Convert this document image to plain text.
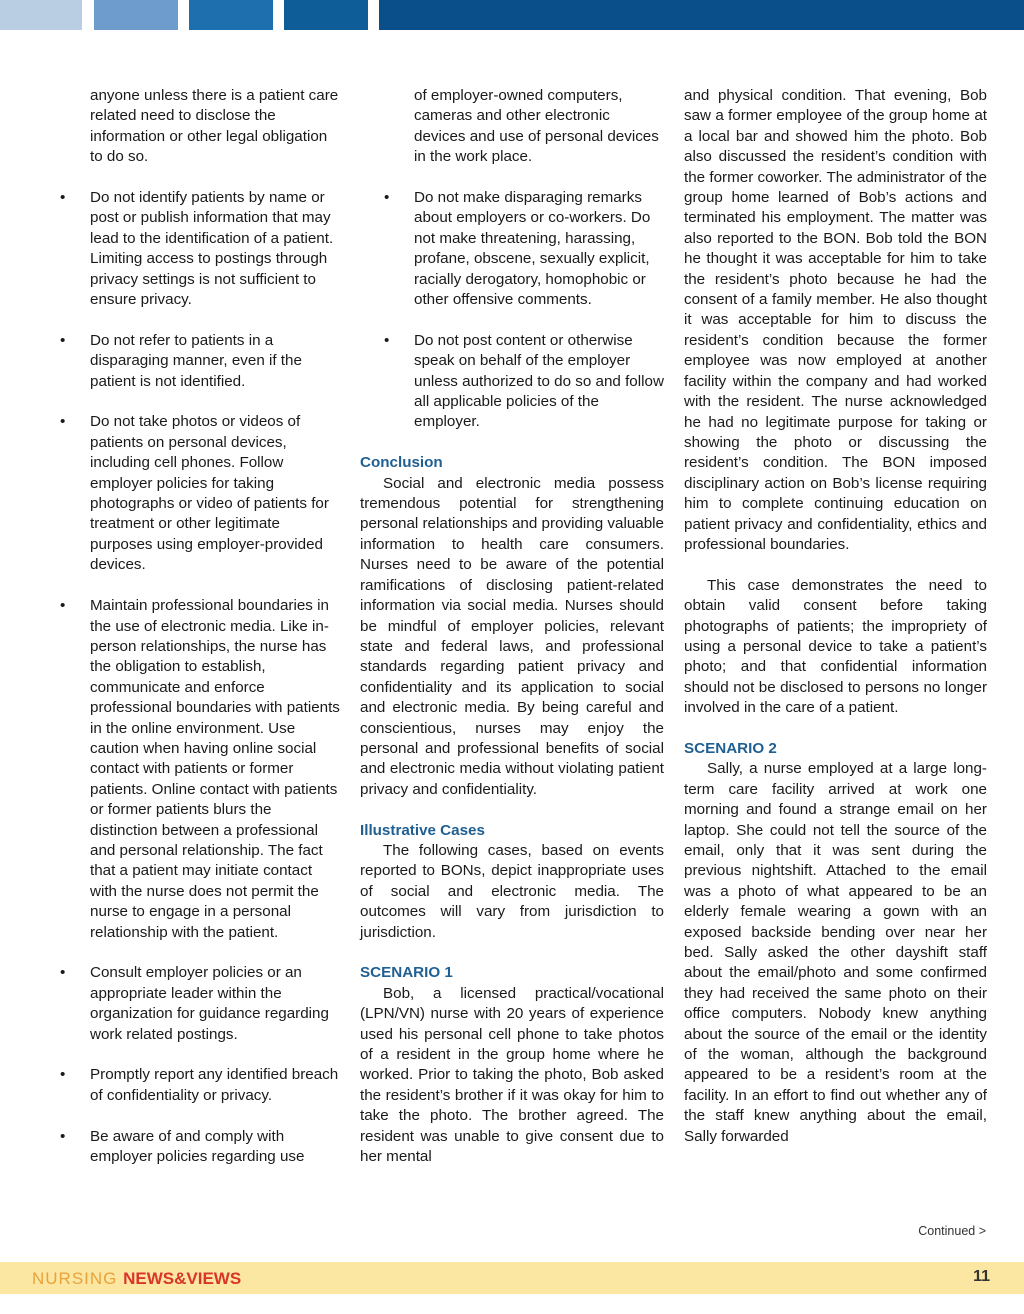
anyone unless there is a patient care related need to disclose the information or other legal obligation to do so.
• Do not identify patients by name or post or publish information that may lead to the identification of a patient. Limiting access to postings through privacy settings is not sufficient to ensure privacy.
• Do not refer to patients in a disparaging manner, even if the patient is not identified.
• Do not take photos or videos of patients on personal devices, including cell phones. Follow employer policies for taking photographs or video of patients for treatment or other legitimate purposes using employer-provided devices.
• Maintain professional boundaries in the use of electronic media. Like in-person relationships, the nurse has the obligation to establish, communicate and enforce professional boundaries with patients in the online environment. Use caution when having online social contact with patients or former patients. Online contact with patients or former patients blurs the distinction between a professional and personal relationship. The fact that a patient may initiate contact with the nurse does not permit the nurse to engage in a personal relationship with the patient.
• Consult employer policies or an appropriate leader within the organization for guidance regarding work related postings.
• Promptly report any identified breach of confidentiality or privacy.
• Be aware of and comply with employer policies regarding use
of employer-owned computers, cameras and other electronic devices and use of personal devices in the work place.
• Do not make disparaging remarks about employers or co-workers. Do not make threatening, harassing, profane, obscene, sexually explicit, racially derogatory, homophobic or other offensive comments.
• Do not post content or otherwise speak on behalf of the employer unless authorized to do so and follow all applicable policies of the employer.
Conclusion
Social and electronic media possess tremendous potential for strengthening personal relationships and providing valuable information to health care consumers. Nurses need to be aware of the potential ramifications of disclosing patient-related information via social media. Nurses should be mindful of employer policies, relevant state and federal laws, and professional standards regarding patient privacy and confidentiality and its application to social and electronic media. By being careful and conscientious, nurses may enjoy the personal and professional benefits of social and electronic media without violating patient privacy and confidentiality.
Illustrative Cases
The following cases, based on events reported to BONs, depict inappropriate uses of social and electronic media. The outcomes will vary from jurisdiction to jurisdiction.
SCENARIO 1
Bob, a licensed practical/vocational (LPN/VN) nurse with 20 years of experience used his personal cell phone to take photos of a resident in the group home where he worked. Prior to taking the photo, Bob asked the resident’s brother if it was okay for him to take the photo. The brother agreed. The resident was unable to give consent due to her mental
and physical condition. That evening, Bob saw a former employee of the group home at a local bar and showed him the photo. Bob also discussed the resident’s condition with the former coworker. The administrator of the group home learned of Bob’s actions and terminated his employment. The matter was also reported to the BON. Bob told the BON he thought it was acceptable for him to take the resident’s photo because he had the consent of a family member. He also thought it was acceptable for him to discuss the resident’s condition because the former employee was now employed at another facility within the company and had worked with the resident. The nurse acknowledged he had no legitimate purpose for taking or showing the photo or discussing the resident’s condition. The BON imposed disciplinary action on Bob’s license requiring him to complete continuing education on patient privacy and confidentiality, ethics and professional boundaries.
This case demonstrates the need to obtain valid consent before taking photographs of patients; the impropriety of using a personal device to take a patient’s photo; and that confidential information should not be disclosed to persons no longer involved in the care of a patient.
SCENARIO 2
Sally, a nurse employed at a large long-term care facility arrived at work one morning and found a strange email on her laptop. She could not tell the source of the email, only that it was sent during the previous nightshift. Attached to the email was a photo of what appeared to be an elderly female wearing a gown with an exposed backside bending over near her bed. Sally asked the other dayshift staff about the email/photo and some confirmed they had received the same photo on their office computers. Nobody knew anything about the source of the email or the identity of the woman, although the background appeared to be a resident’s room at the facility. In an effort to find out whether any of the staff knew anything about the email, Sally forwarded
Continued >
NURSING NEWS&VIEWS	11
